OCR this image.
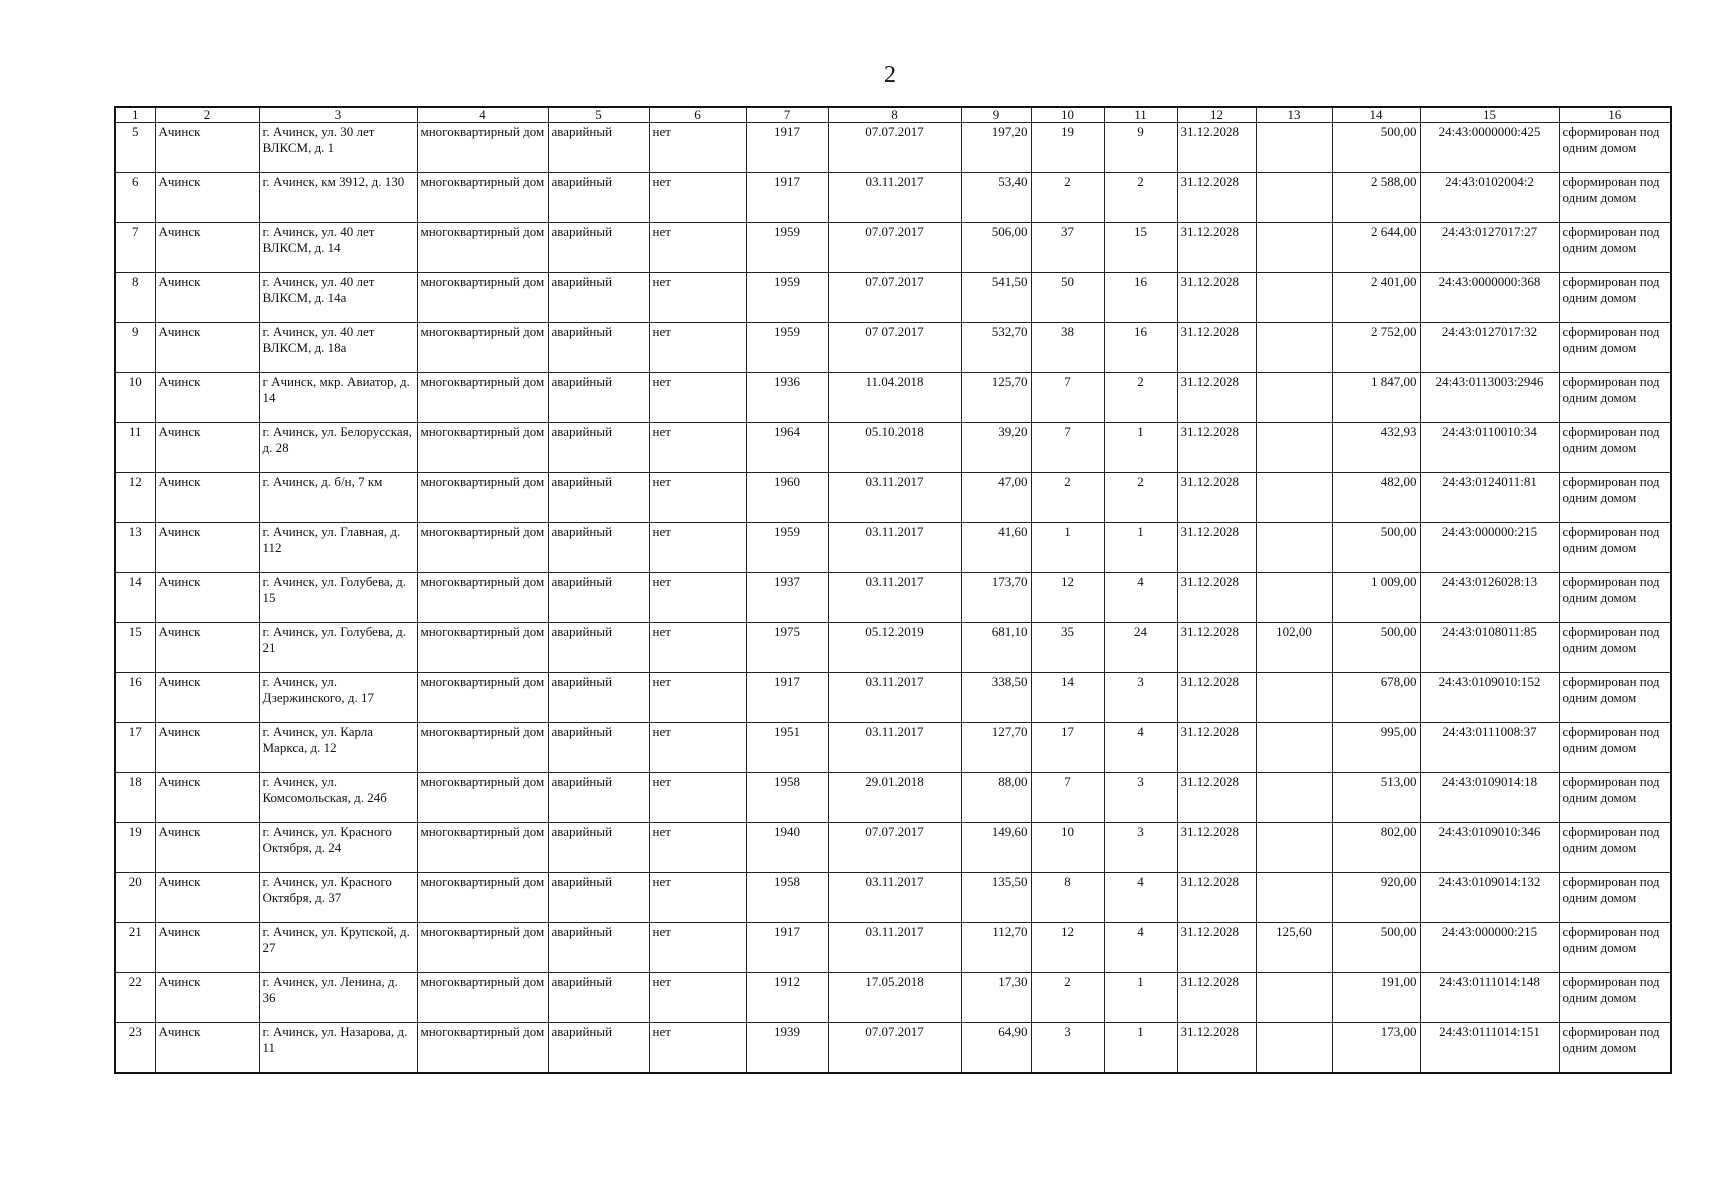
2
1	2	3	4	5	6	7	8	9	10	11	12	13	14	15	16
5	Ачинск	г. Ачинск, ул. 30 лет ВЛКСМ, д. 1	многоквартирный дом	аварийный	нет	1917	07.07.2017	197,20	19	9	31.12.2028		500,00	24:43:0000000:425	сформирован под одним домом
6	Ачинск	г. Ачинск, км 3912, д. 130	многоквартирный дом	аварийный	нет	1917	03.11.2017	53,40	2	2	31.12.2028		2 588,00	24:43:0102004:2	сформирован под одним домом
7	Ачинск	г. Ачинск, ул. 40 лет ВЛКСМ, д. 14	многоквартирный дом	аварийный	нет	1959	07.07.2017	506,00	37	15	31.12.2028		2 644,00	24:43:0127017:27	сформирован под одним домом
8	Ачинск	г. Ачинск, ул. 40 лет ВЛКСМ, д. 14а	многоквартирный дом	аварийный	нет	1959	07.07.2017	541,50	50	16	31.12.2028		2 401,00	24:43:0000000:368	сформирован под одним домом
9	Ачинск	г. Ачинск, ул. 40 лет ВЛКСМ, д. 18а	многоквартирный дом	аварийный	нет	1959	07 07.2017	532,70	38	16	31.12.2028		2 752,00	24:43:0127017:32	сформирован под одним домом
10	Ачинск	г Ачинск, мкр. Авиатор, д. 14	многоквартирный дом	аварийный	нет	1936	11.04.2018	125,70	7	2	31.12.2028		1 847,00	24:43:0113003:2946	сформирован под одним домом
11	Ачинск	г. Ачинск, ул. Белорусская, д. 28	многоквартирный дом	аварийный	нет	1964	05.10.2018	39,20	7	1	31.12.2028		432,93	24:43:0110010:34	сформирован под одним домом
12	Ачинск	г. Ачинск, д. б/н, 7 км	многоквартирный дом	аварийный	нет	1960	03.11.2017	47,00	2	2	31.12.2028		482,00	24:43:0124011:81	сформирован под одним домом
13	Ачинск	г. Ачинск, ул. Главная, д. 112	многоквартирный дом	аварийный	нет	1959	03.11.2017	41,60	1	1	31.12.2028		500,00	24:43:000000:215	сформирован под одним домом
14	Ачинск	г. Ачинск, ул. Голубева, д. 15	многоквартирный дом	аварийный	нет	1937	03.11.2017	173,70	12	4	31.12.2028		1 009,00	24:43:0126028:13	сформирован под одним домом
15	Ачинск	г. Ачинск, ул. Голубева, д. 21	многоквартирный дом	аварийный	нет	1975	05.12.2019	681,10	35	24	31.12.2028	102,00	500,00	24:43:0108011:85	сформирован под одним домом
16	Ачинск	г. Ачинск, ул. Дзержинского, д. 17	многоквартирный дом	аварийный	нет	1917	03.11.2017	338,50	14	3	31.12.2028		678,00	24:43:0109010:152	сформирован под одним домом
17	Ачинск	г. Ачинск, ул. Карла Маркса, д. 12	многоквартирный дом	аварийный	нет	1951	03.11.2017	127,70	17	4	31.12.2028		995,00	24:43:0111008:37	сформирован под одним домом
18	Ачинск	г. Ачинск, ул. Комсомольская, д. 24б	многоквартирный дом	аварийный	нет	1958	29.01.2018	88,00	7	3	31.12.2028		513,00	24:43:0109014:18	сформирован под одним домом
19	Ачинск	г. Ачинск, ул. Красного Октября, д. 24	многоквартирный дом	аварийный	нет	1940	07.07.2017	149,60	10	3	31.12.2028		802,00	24:43:0109010:346	сформирован под одним домом
20	Ачинск	г. Ачинск, ул. Красного Октября, д. 37	многоквартирный дом	аварийный	нет	1958	03.11.2017	135,50	8	4	31.12.2028		920,00	24:43:0109014:132	сформирован под одним домом
21	Ачинск	г. Ачинск, ул. Крупской, д. 27	многоквартирный дом	аварийный	нет	1917	03.11.2017	112,70	12	4	31.12.2028	125,60	500,00	24:43:000000:215	сформирован под одним домом
22	Ачинск	г. Ачинск, ул. Ленина, д. 36	многоквартирный дом	аварийный	нет	1912	17.05.2018	17,30	2	1	31.12.2028		191,00	24:43:0111014:148	сформирован под одним домом
23	Ачинск	г. Ачинск, ул. Назарова, д. 11	многоквартирный дом	аварийный	нет	1939	07.07.2017	64,90	3	1	31.12.2028		173,00	24:43:0111014:151	сформирован под одним домом
